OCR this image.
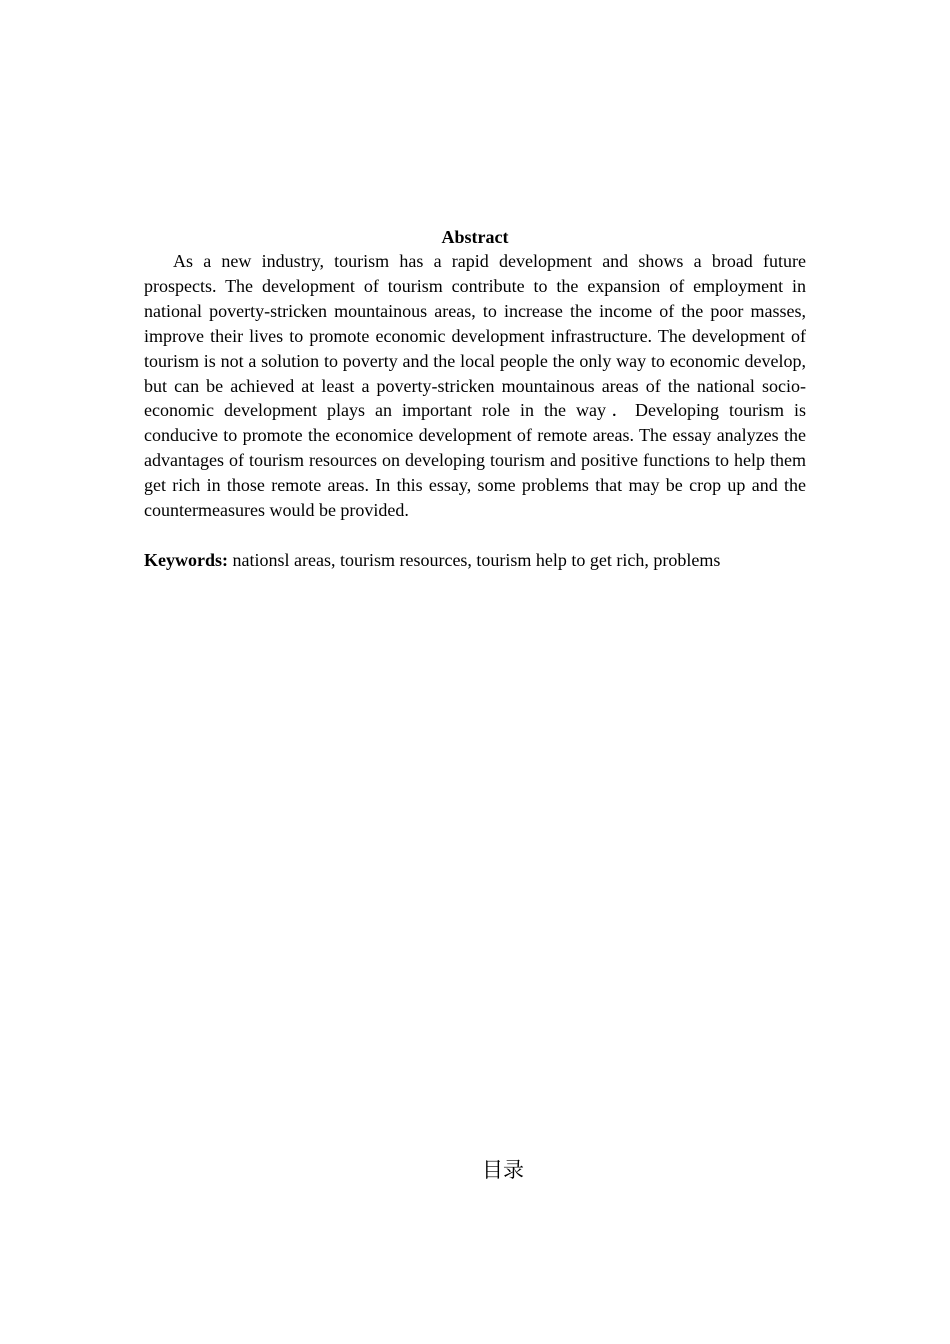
Abstract

As a new industry, tourism has a rapid development and shows a broad future prospects. The development of tourism contribute to the expansion of employment in national poverty-stricken mountainous areas, to increase the income of the poor masses, improve their lives to promote economic development infrastructure. The development of tourism is not a solution to poverty and the local people the only way to economic develop, but can be achieved at least a poverty-stricken mountainous areas of the national socio-economic development plays an important role in the way．Developing tourism is conducive to promote the economice development of remote areas. The essay analyzes the advantages of tourism resources on developing tourism and positive functions to help them get rich in those remote areas. In this essay, some problems that may be crop up and the countermeasures would be provided.

Keywords: nationsl areas, tourism resources, tourism help to get rich, problems

目录
